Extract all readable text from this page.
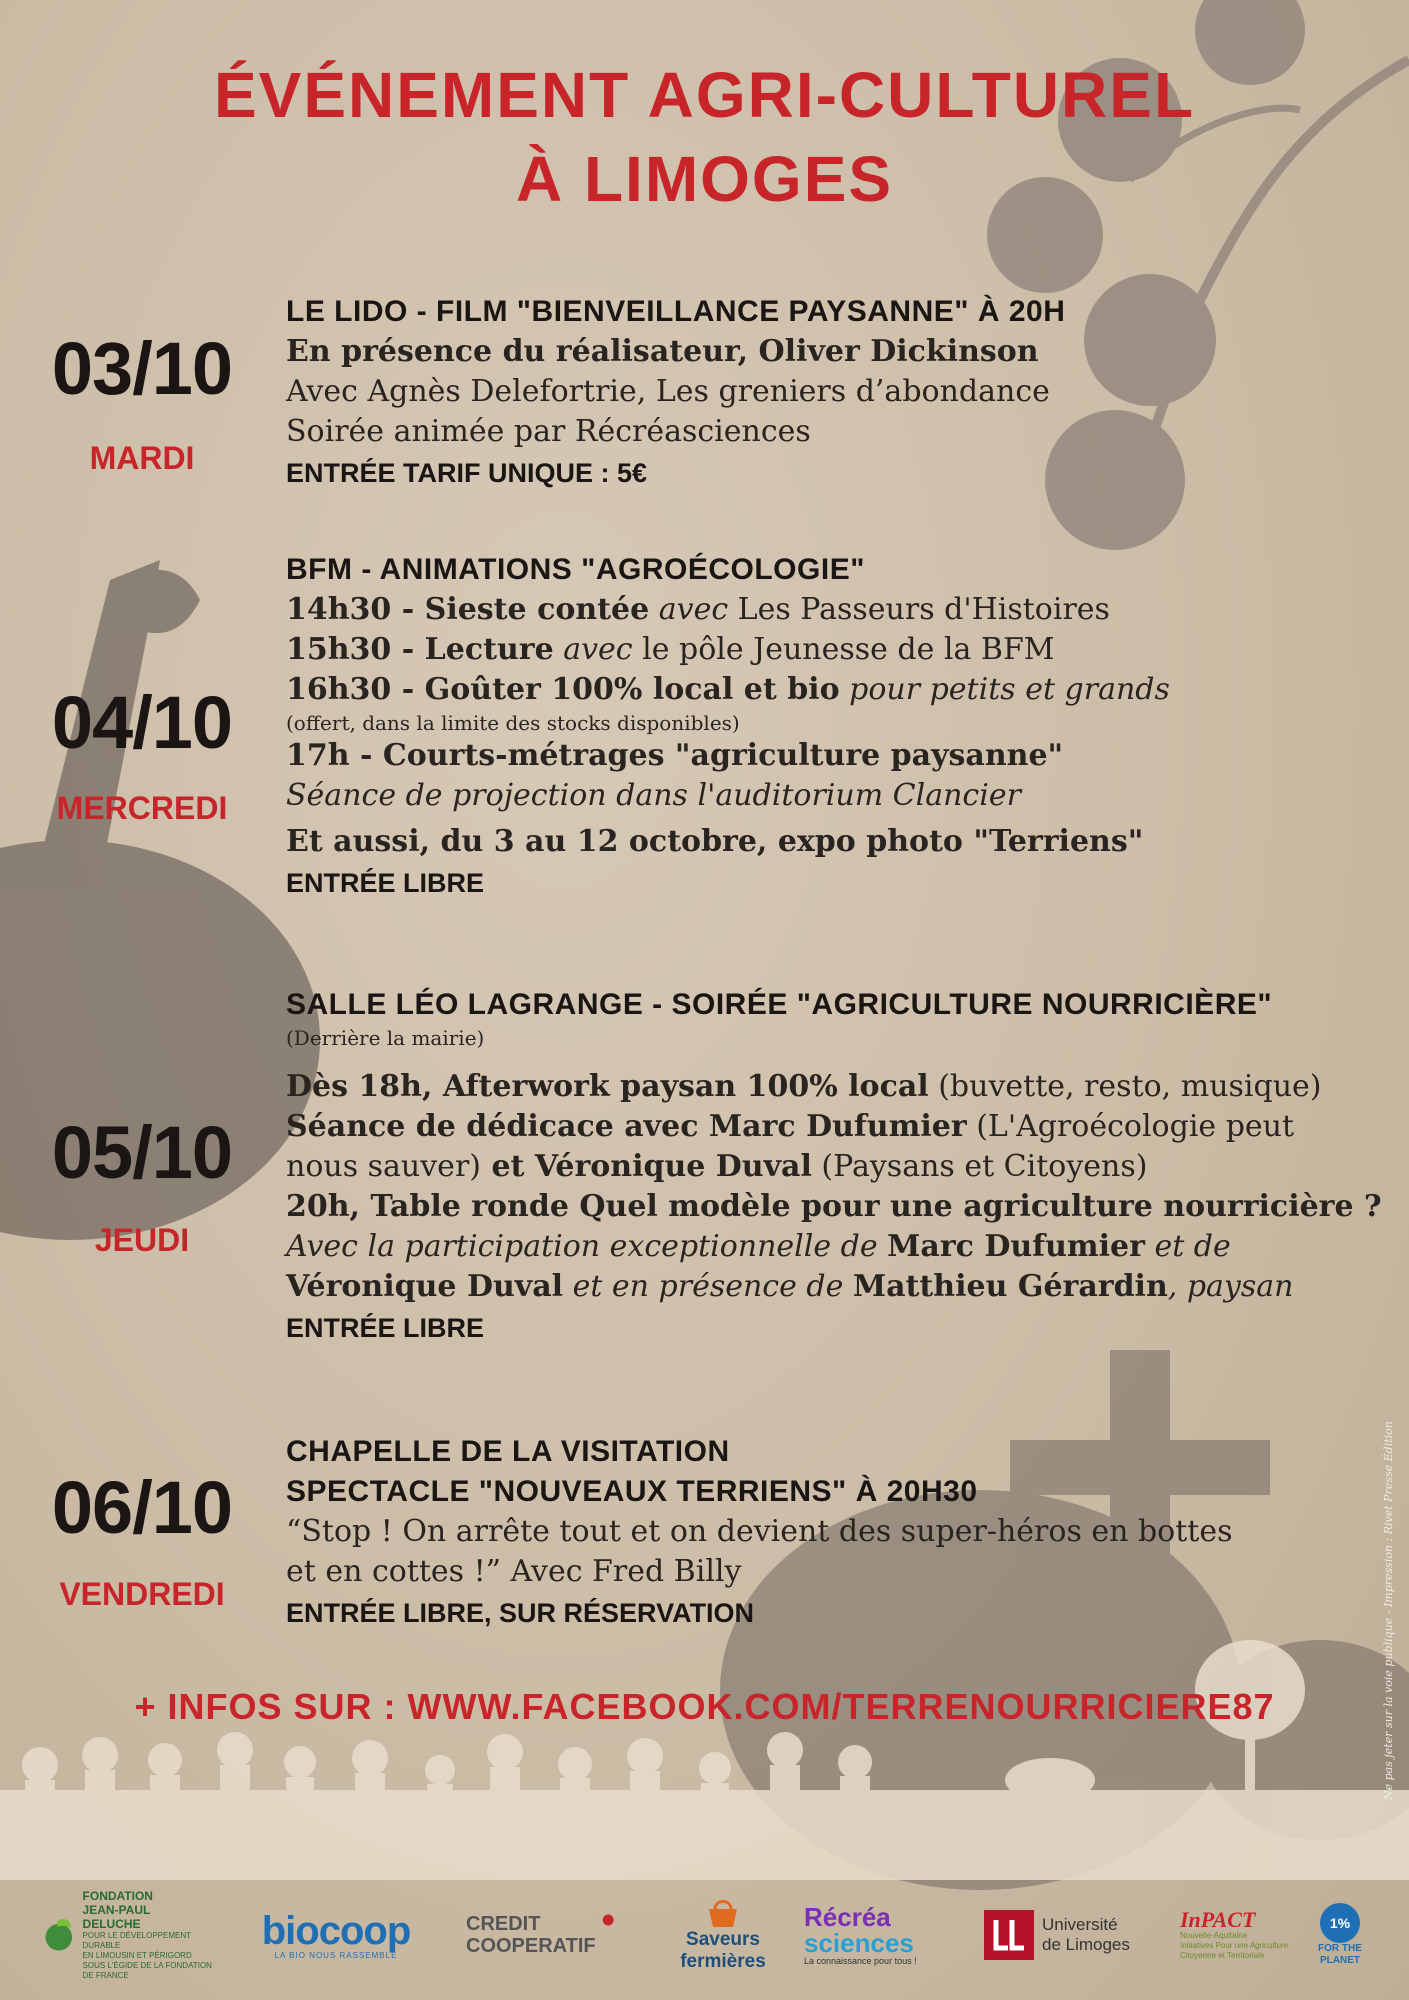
ÉVÉNEMENT AGRI-CULTUREL
À LIMOGES
03/10
MARDI
LE LIDO - FILM "BIENVEILLANCE PAYSANNE" À 20H
En présence du réalisateur, Oliver Dickinson
Avec Agnès Delefortrie, Les greniers d’abondance
Soirée animée par Récréasciences
ENTRÉE TARIF UNIQUE : 5€
04/10
MERCREDI
BFM - ANIMATIONS "AGROÉCOLOGIE"
14h30 - Sieste contée avec Les Passeurs d'Histoires
15h30 - Lecture avec le pôle Jeunesse de la BFM
16h30 - Goûter 100% local et bio pour petits et grands
(offert, dans la limite des stocks disponibles)
17h - Courts-métrages "agriculture paysanne"
Séance de projection dans l'auditorium Clancier
Et aussi, du 3 au 12 octobre, expo photo "Terriens"
ENTRÉE LIBRE
05/10
JEUDI
SALLE LÉO LAGRANGE - SOIRÉE "AGRICULTURE NOURRICIÈRE"
(Derrière la mairie)
Dès 18h, Afterwork paysan 100% local (buvette, resto, musique)
Séance de dédicace avec Marc Dufumier (L'Agroécologie peut
nous sauver) et Véronique Duval (Paysans et Citoyens)
20h, Table ronde Quel modèle pour une agriculture nourricière ?
Avec la participation exceptionnelle de Marc Dufumier et de
Véronique Duval et en présence de Matthieu Gérardin, paysan
ENTRÉE LIBRE
06/10
VENDREDI
CHAPELLE DE LA VISITATION
SPECTACLE "NOUVEAUX TERRIENS" À 20H30
“Stop ! On arrête tout et on devient des super-héros en bottes
et en cottes !” Avec Fred Billy
ENTRÉE LIBRE, SUR RÉSERVATION
+ INFOS SUR : WWW.FACEBOOK.COM/TERRENOURRICIERE87	Ne pas jeter sur la voie publique - Impression : Rivet Presse Édition
FONDATION
JEAN-PAUL
DELUCHE
POUR LE DÉVELOPPEMENT DURABLE
EN LIMOUSIN ET PÉRIGORD
SOUS L'ÉGIDE DE LA FONDATION DE FRANCE
biocoop
LA BIO NOUS RASSEMBLE
CREDIT
COOPERATIF	Saveurs
fermières
Récréa
sciences
La connaissance pour tous !
Université
de Limoges
InPACT
Nouvelle-Aquitaine
Initiatives Pour une Agriculture
Citoyenne et Territoriale
1%
FOR THE
PLANET
